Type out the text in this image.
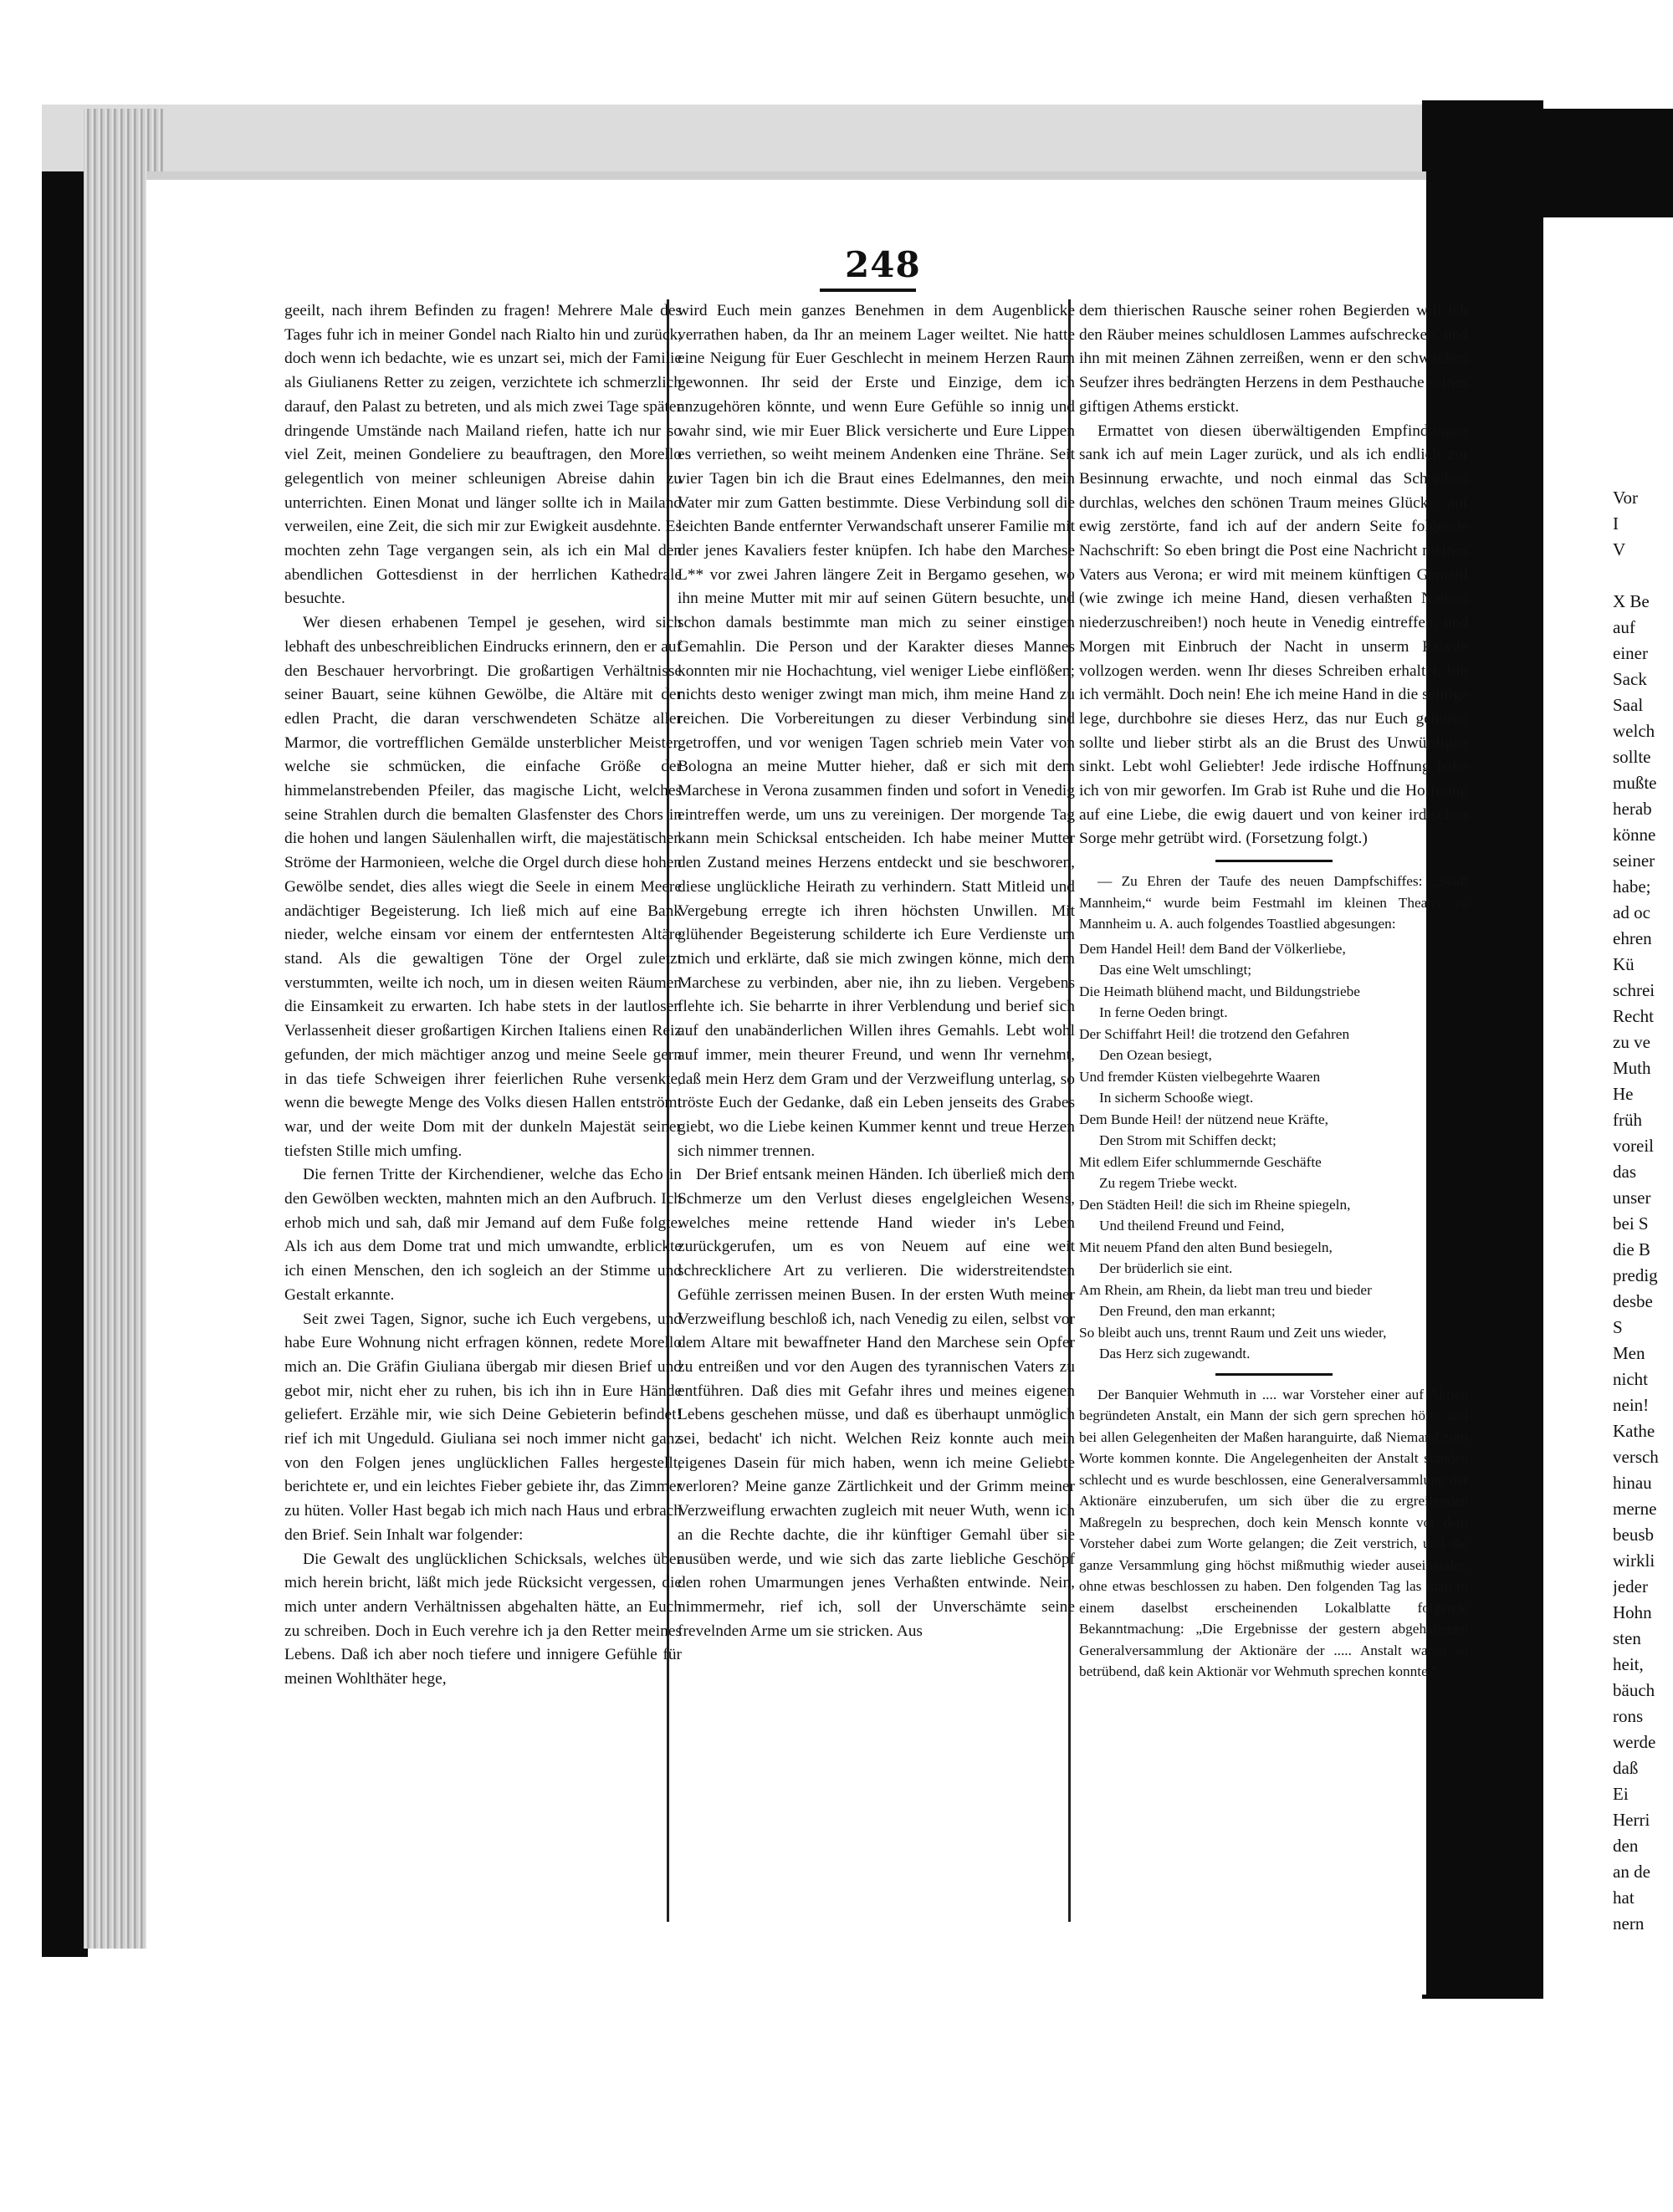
248

geeilt, nach ihrem Befinden zu fragen! Mehrere Male des Tages fuhr ich in meiner Gondel nach Rialto hin und zurück, doch wenn ich bedachte, wie es unzart sei, mich der Familie als Giulianens Retter zu zeigen, verzichtete ich schmerzlich darauf, den Palast zu betreten, und als mich zwei Tage später dringende Umstände nach Mailand riefen, hatte ich nur so viel Zeit, meinen Gondeliere zu beauftragen, den Morello gelegentlich von meiner schleunigen Abreise dahin zu unterrichten. Einen Monat und länger sollte ich in Mailand verweilen, eine Zeit, die sich mir zur Ewigkeit ausdehnte. Es mochten zehn Tage vergangen sein, als ich ein Mal den abendlichen Gottesdienst in der herrlichen Kathedrale besuchte.

Wer diesen erhabenen Tempel je gesehen, wird sich lebhaft des unbeschreiblichen Eindrucks erinnern, den er auf den Beschauer hervorbringt. Die großartigen Verhältnisse seiner Bauart, seine kühnen Gewölbe, die Altäre mit der edlen Pracht, die daran verschwendeten Schätze aller Marmor, die vortrefflichen Gemälde unsterblicher Meister, welche sie schmücken, die einfache Größe der himmelanstrebenden Pfeiler, das magische Licht, welches seine Strahlen durch die bemalten Glasfenster des Chors in die hohen und langen Säulenhallen wirft, die majestätischen Ströme der Harmonieen, welche die Orgel durch diese hohen Gewölbe sendet, dies alles wiegt die Seele in einem Meere andächtiger Begeisterung. Ich ließ mich auf eine Bank nieder, welche einsam vor einem der entferntesten Altäre stand. Als die gewaltigen Töne der Orgel zuletzt verstummten, weilte ich noch, um in diesen weiten Räumen die Einsamkeit zu erwarten. Ich habe stets in der lautlosen Verlassenheit dieser großartigen Kirchen Italiens einen Reiz gefunden, der mich mächtiger anzog und meine Seele gern in das tiefe Schweigen ihrer feierlichen Ruhe versenkte, wenn die bewegte Menge des Volks diesen Hallen entströmt war, und der weite Dom mit der dunkeln Majestät seiner tiefsten Stille mich umfing.

Die fernen Tritte der Kirchendiener, welche das Echo in den Gewölben weckten, mahnten mich an den Aufbruch. Ich erhob mich und sah, daß mir Jemand auf dem Fuße folgte. Als ich aus dem Dome trat und mich umwandte, erblickte ich einen Menschen, den ich sogleich an der Stimme und Gestalt erkannte.

Seit zwei Tagen, Signor, suche ich Euch vergebens, und habe Eure Wohnung nicht erfragen können, redete Morello mich an. Die Gräfin Giuliana übergab mir diesen Brief und gebot mir, nicht eher zu ruhen, bis ich ihn in Eure Hände geliefert. Erzähle mir, wie sich Deine Gebieterin befindet! rief ich mit Ungeduld. Giuliana sei noch immer nicht ganz von den Folgen jenes unglücklichen Falles hergestellt, berichtete er, und ein leichtes Fieber gebiete ihr, das Zimmer zu hüten. Voller Hast begab ich mich nach Haus und erbrach den Brief. Sein Inhalt war folgender:

Die Gewalt des unglücklichen Schicksals, welches über mich herein bricht, läßt mich jede Rücksicht vergessen, die mich unter andern Verhältnissen abgehalten hätte, an Euch zu schreiben. Doch in Euch verehre ich ja den Retter meines Lebens. Daß ich aber noch tiefere und innigere Gefühle für meinen Wohlthäter hege,

wird Euch mein ganzes Benehmen in dem Augenblicke verrathen haben, da Ihr an meinem Lager weiltet. Nie hatte eine Neigung für Euer Geschlecht in meinem Herzen Raum gewonnen. Ihr seid der Erste und Einzige, dem ich anzugehören könnte, und wenn Eure Gefühle so innig und wahr sind, wie mir Euer Blick versicherte und Eure Lippen es verriethen, so weiht meinem Andenken eine Thräne. Seit vier Tagen bin ich die Braut eines Edelmannes, den mein Vater mir zum Gatten bestimmte. Diese Verbindung soll die leichten Bande entfernter Verwandschaft unserer Familie mit der jenes Kavaliers fester knüpfen. Ich habe den Marchese L** vor zwei Jahren längere Zeit in Bergamo gesehen, wo ihn meine Mutter mit mir auf seinen Gütern besuchte, und schon damals bestimmte man mich zu seiner einstigen Gemahlin. Die Person und der Karakter dieses Mannes konnten mir nie Hochachtung, viel weniger Liebe einflößen; nichts desto weniger zwingt man mich, ihm meine Hand zu reichen. Die Vorbereitungen zu dieser Verbindung sind getroffen, und vor wenigen Tagen schrieb mein Vater von Bologna an meine Mutter hieher, daß er sich mit dem Marchese in Verona zusammen finden und sofort in Venedig eintreffen werde, um uns zu vereinigen. Der morgende Tag kann mein Schicksal entscheiden. Ich habe meiner Mutter den Zustand meines Herzens entdeckt und sie beschworen, diese unglückliche Heirath zu verhindern. Statt Mitleid und Vergebung erregte ich ihren höchsten Unwillen. Mit glühender Begeisterung schilderte ich Eure Verdienste um mich und erklärte, daß sie mich zwingen könne, mich dem Marchese zu verbinden, aber nie, ihn zu lieben. Vergebens flehte ich. Sie beharrte in ihrer Verblendung und berief sich auf den unabänderlichen Willen ihres Gemahls. Lebt wohl auf immer, mein theurer Freund, und wenn Ihr vernehmt, daß mein Herz dem Gram und der Verzweiflung unterlag, so tröste Euch der Gedanke, daß ein Leben jenseits des Grabes giebt, wo die Liebe keinen Kummer kennt und treue Herzen sich nimmer trennen.

Der Brief entsank meinen Händen. Ich überließ mich dem Schmerze um den Verlust dieses engelgleichen Wesens, welches meine rettende Hand wieder in's Leben zurückgerufen, um es von Neuem auf eine weit schrecklichere Art zu verlieren. Die widerstreitendsten Gefühle zerrissen meinen Busen. In der ersten Wuth meiner Verzweiflung beschloß ich, nach Venedig zu eilen, selbst vor dem Altare mit bewaffneter Hand den Marchese sein Opfer zu entreißen und vor den Augen des tyrannischen Vaters zu entführen. Daß dies mit Gefahr ihres und meines eigenen Lebens geschehen müsse, und daß es überhaupt unmöglich sei, bedacht' ich nicht. Welchen Reiz konnte auch mein eigenes Dasein für mich haben, wenn ich meine Geliebte verloren? Meine ganze Zärtlichkeit und der Grimm meiner Verzweiflung erwachten zugleich mit neuer Wuth, wenn ich an die Rechte dachte, die ihr künftiger Gemahl über sie ausüben werde, und wie sich das zarte liebliche Geschöpf den rohen Umarmungen jenes Verhaßten entwinde. Nein, nimmermehr, rief ich, soll der Unverschämte seine frevelnden Arme um sie stricken. Aus

dem thierischen Rausche seiner rohen Begierden will ich den Räuber meines schuldlosen Lammes aufschrecken, und ihn mit meinen Zähnen zerreißen, wenn er den schwachen Seufzer ihres bedrängten Herzens in dem Pesthauche seines giftigen Athems erstickt.

Ermattet von diesen überwältigenden Empfindungen sank ich auf mein Lager zurück, und als ich endlich zur Besinnung erwachte, und noch einmal das Schreiben durchlas, welches den schönen Traum meines Glückes auf ewig zerstörte, fand ich auf der andern Seite folgende Nachschrift: So eben bringt die Post eine Nachricht meines Vaters aus Verona; er wird mit meinem künftigen Gemahl (wie zwinge ich meine Hand, diesen verhaßten Namen niederzuschreiben!) noch heute in Venedig eintreffen, und Morgen mit Einbruch der Nacht in unserm Palaste vollzogen werden. wenn Ihr dieses Schreiben erhaltet, bin ich vermählt. Doch nein! Ehe ich meine Hand in die seinige lege, durchbohre sie dieses Herz, das nur Euch gehören sollte und lieber stirbt als an die Brust des Unwürdigen sinkt. Lebt wohl Geliebter! Jede irdische Hoffnung habe ich von mir geworfen. Im Grab ist Ruhe und die Hoffnung auf eine Liebe, die ewig dauert und von keiner irdischen Sorge mehr getrübt wird. (Forsetzung folgt.)

— Zu Ehren der Taufe des neuen Dampfschiffes: „Stadt Mannheim,“ wurde beim Festmahl im kleinen Theater zu Mannheim u. A. auch folgendes Toastlied abgesungen:

Dem Handel Heil! dem Band der Völkerliebe,

Das eine Welt umschlingt;

Die Heimath blühend macht, und Bildungstriebe

In ferne Oeden bringt.

Der Schiffahrt Heil! die trotzend den Gefahren

Den Ozean besiegt,

Und fremder Küsten vielbegehrte Waaren

In sicherm Schooße wiegt.

Dem Bunde Heil! der nützend neue Kräfte,

Den Strom mit Schiffen deckt;

Mit edlem Eifer schlummernde Geschäfte

Zu regem Triebe weckt.

Den Städten Heil! die sich im Rheine spiegeln,

Und theilend Freund und Feind,

Mit neuem Pfand den alten Bund besiegeln,

Der brüderlich sie eint.

Am Rhein, am Rhein, da liebt man treu und bieder

Den Freund, den man erkannt;

So bleibt auch uns, trennt Raum und Zeit uns wieder,

Das Herz sich zugewandt.

Der Banquier Wehmuth in .... war Vorsteher einer auf Aktien begründeten Anstalt, ein Mann der sich gern sprechen hörte und bei allen Gelegenheiten der Maßen haranguirte, daß Niemand zum Worte kommen konnte. Die Angelegenheiten der Anstalt standen schlecht und es wurde beschlossen, eine Generalversammlung der Aktionäre einzuberufen, um sich über die zu ergreifenden Maßregeln zu besprechen, doch kein Mensch konnte vor dem Vorsteher dabei zum Worte gelangen; die Zeit verstrich, und die ganze Versammlung ging höchst mißmuthig wieder auseinander, ohne etwas beschlossen zu haben. Den folgenden Tag las man in einem daselbst erscheinenden Lokalblatte folgende Bekanntmachung: „Die Ergebnisse der gestern abgehaltenen Generalversammlung der Aktionäre der ..... Anstalt waren so betrübend, daß kein Aktionär vor Wehmuth sprechen konnte.“

Vor
I
V
X Be
auf
einer
Sack
Saal
welch
sollte
mußte
herab
könne
seiner
habe;
ad oc
ehren
Kü
schrei
Recht
zu ve
Muth
He
früh
voreil
das
unser
bei S
die B
predig
desbe
S
Men
nicht
nein!
Kathe
versch
hinau
merne
beusb
wirkli
jeder
Hohn
sten
heit,
bäuch
rons
werde
daß
Ei
Herri
den
an de
hat
nern
